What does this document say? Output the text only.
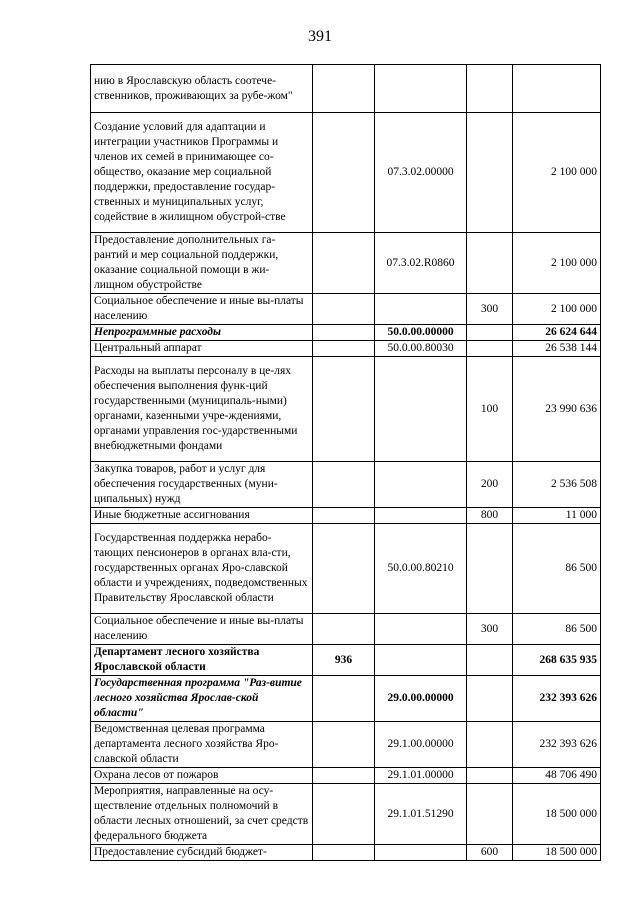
391
нию в Ярославскую область соотече-ственников, проживающих за рубе-жом"				
Создание условий для адаптации и интеграции участников Программы и членов их семей в принимающее со-общество, оказание мер социальной поддержки, предоставление государ-ственных и муниципальных услуг, содействие в жилищном обустрой-стве		07.3.02.00000		2 100 000
Предоставление дополнительных га-рантий и мер социальной поддержки, оказание социальной помощи в жи-лищном обустройстве		07.3.02.R0860		2 100 000
Социальное обеспечение и иные вы-платы населению			300	2 100 000
Непрограммные расходы		50.0.00.00000		26 624 644
Центральный аппарат		50.0.00.80030		26 538 144
Расходы на выплаты персоналу в це-лях обеспечения выполнения функ-ций государственными (муниципаль-ными) органами, казенными учре-ждениями, органами управления гос-ударственными внебюджетными фондами			100	23 990 636
Закупка товаров, работ и услуг для обеспечения государственных (муни-ципальных) нужд			200	2 536 508
Иные бюджетные ассигнования			800	11 000
Государственная поддержка нерабо-тающих пенсионеров в органах вла-сти, государственных органах Яро-славской области и учреждениях, подведомственных Правительству Ярославской области		50.0.00.80210		86 500
Социальное обеспечение и иные вы-платы населению			300	86 500
Департамент лесного хозяйства Ярославской области	936			268 635 935
Государственная программа "Раз-витие лесного хозяйства Ярослав-ской области"		29.0.00.00000		232 393 626
Ведомственная целевая программа департамента лесного хозяйства Яро-славской области		29.1.00.00000		232 393 626
Охрана лесов от пожаров		29.1.01.00000		48 706 490
Мероприятия, направленные на осу-ществление отдельных полномочий в области лесных отношений, за счет средств федерального бюджета		29.1.01.51290		18 500 000
Предоставление субсидий бюджет-			600	18 500 000
